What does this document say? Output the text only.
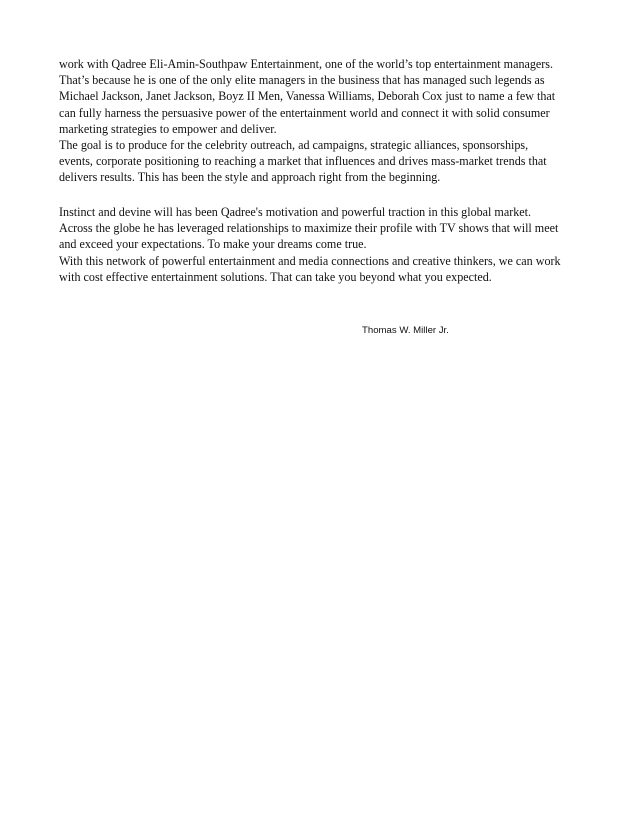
work with Qadree Eli-Amin-Southpaw Entertainment, one of the world’s top entertainment managers.
That’s because he is one of the only elite managers in the business that has managed such legends as
Michael Jackson, Janet Jackson, Boyz II Men, Vanessa Williams, Deborah Cox just to name a few that
can fully harness the persuasive power of the entertainment world and connect it with solid consumer
marketing strategies to empower and deliver.
The goal is to produce for the celebrity outreach, ad campaigns, strategic alliances, sponsorships,
events, corporate positioning to reaching a market that influences and drives mass-market trends that
delivers results. This has been the style and approach right from the beginning.
Instinct and devine will has been Qadree's motivation and powerful traction in this global market.
Across the globe he has leveraged relationships to maximize their profile with TV shows that will meet
and exceed your expectations. To make your dreams come true.
With this network of powerful entertainment and media connections and creative thinkers, we can work
with cost effective entertainment solutions. That can take you beyond what you expected.
Thomas W. Miller Jr.
